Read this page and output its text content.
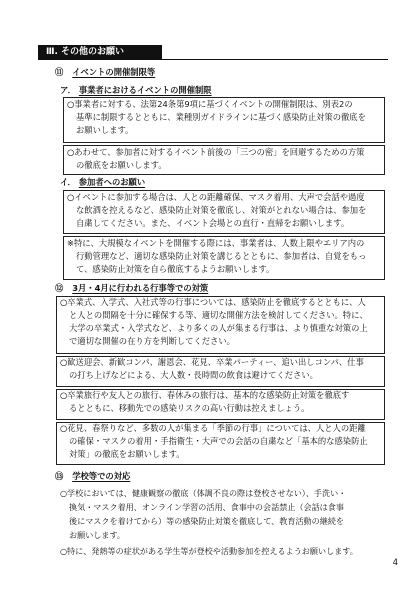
Ⅲ. その他のお願い
⑪ イベントの開催制限等
ア． 事業者におけるイベントの開催制限
○事業者に対する、法第24条第9項に基づくイベントの開催制限は、別表2の
基準に制限するとともに、業種別ガイドラインに基づく感染防止対策の徹底を
お願いします。
○あわせて、参加者に対するイベント前後の「三つの密」を回避するための方策
の徹底をお願いします。
イ． 参加者へのお願い
○イベントに参加する場合は、人との距離確保、マスク着用、大声で会話や過度
な飲酒を控えるなど、感染防止対策を徹底し、対策がとれない場合は、参加を
自粛してください。また、イベント会場との直行・直帰をお願いします。
※特に、大規模なイベントを開催する際には、事業者は、人数上限やエリア内の
行動管理など、適切な感染防止対策を講じるとともに、参加者は、自覚をもっ
て、感染防止対策を自ら徹底するようお願いします。
⑫ 3月・4月に行われる行事等での対策
○卒業式、入学式、入社式等の行事については、感染防止を徹底するとともに、人
と人との間隔を十分に確保する等、適切な開催方法を検討してください。特に、
大学の卒業式・入学式など、より多くの人が集まる行事は、より慎重な対策の上
で適切な開催の在り方を判断してください。
○歓送迎会、新歓コンパ、謝恩会、花見、卒業パーティー、追い出しコンパ、仕事
の打ち上げなどによる、大人数・長時間の飲食は避けてください。
○卒業旅行や友人との旅行、春休みの旅行は、基本的な感染防止対策を徹底す
るとともに、移動先での感染リスクの高い行動は控えましょう。
○花見、春祭りなど、多数の人が集まる「季節の行事」については、人と人の距離
の確保・マスクの着用・手指衛生・大声での会話の自粛など「基本的な感染防止
対策」の徹底をお願いします。
⑬ 学校等での対応
○学校においては、健康観察の徹底（体調不良の際は登校させない）、手洗い・
換気・マスク着用、オンライン学習の活用、食事中の会話禁止（会話は食事
後にマスクを着けてから）等の感染防止対策を徹底して、教育活動の継続を
お願いします。
○特に、発熱等の症状がある学生等が登校や活動参加を控えるようお願いします。
4
